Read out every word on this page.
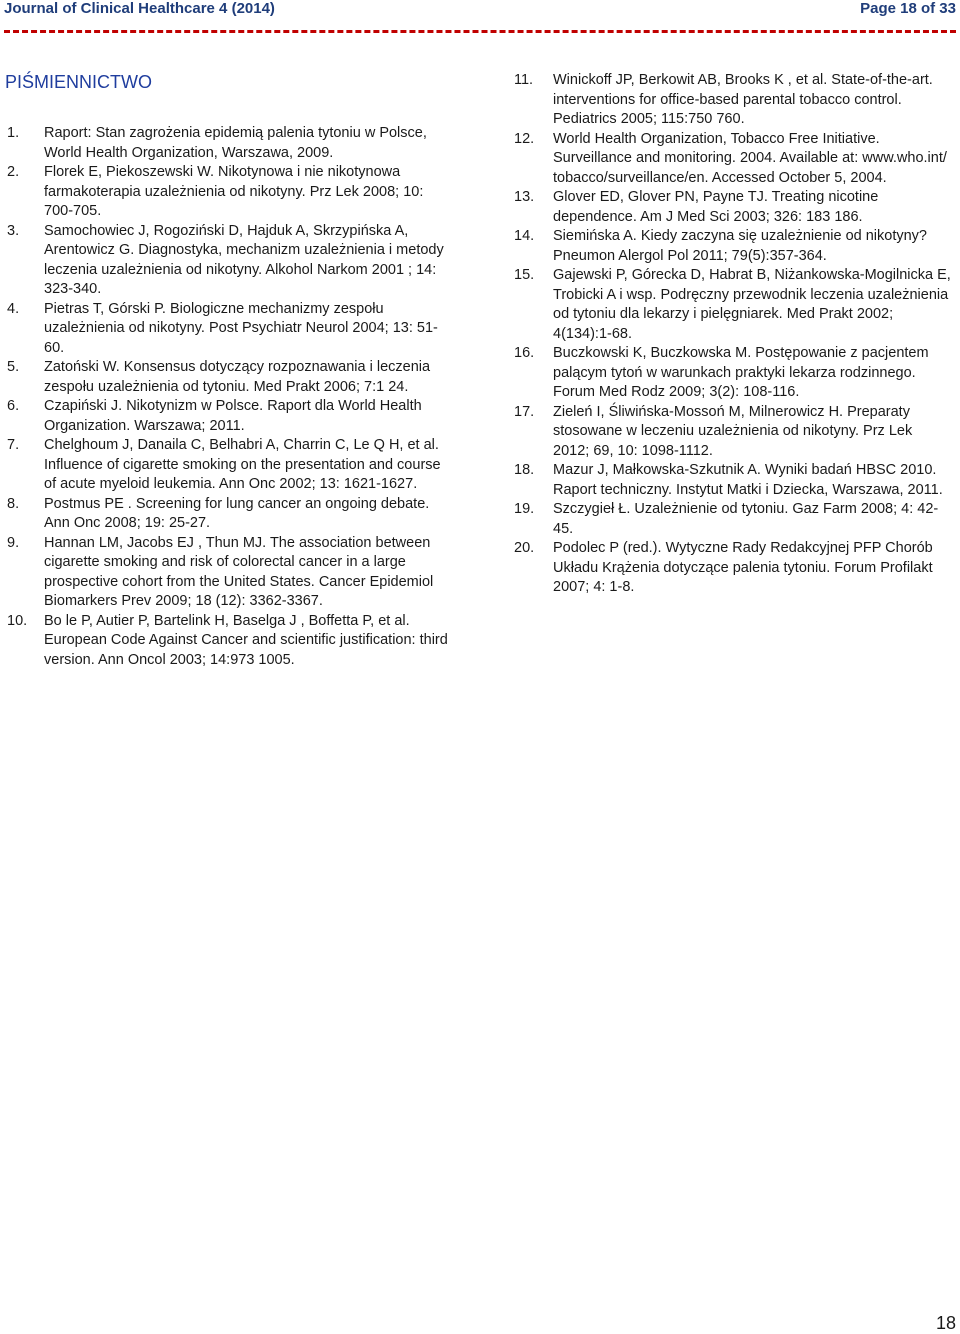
Journal of Clinical Healthcare 4 (2014)	Page 18 of 33
PIŚMIENNICTWO
1.	Raport: Stan zagrożenia epidemią palenia tytoniu w Polsce, World Health Organization, Warszawa, 2009.
2.	Florek E, Piekoszewski W. Nikotynowa i nie nikotynowa farmakoterapia uzależnienia od nikotyny. Prz Lek 2008; 10: 700-705.
3.	Samochowiec J, Rogoziński D, Hajduk A, Skrzypińska A, Arentowicz G. Diagnostyka, mechanizm uzależnienia i metody leczenia uzależnienia od nikotyny. Alkohol Narkom 2001 ; 14: 323-340.
4.	Pietras T, Górski P. Biologiczne mechanizmy zespołu uzależnienia od nikotyny. Post Psychiatr Neurol 2004; 13: 51-60.
5.	Zatoński W. Konsensus dotyczący rozpoznawania i leczenia zespołu uzależnienia od tytoniu. Med Prakt 2006; 7:1 24.
6.	Czapiński J. Nikotynizm w Polsce. Raport dla World Health Organization. Warszawa; 2011.
7.	Chelghoum J, Danaila C, Belhabri A, Charrin C, Le Q H, et al. Influence of cigarette smoking on the presentation and course of acute myeloid leukemia. Ann Onc 2002; 13: 1621-1627.
8.	Postmus PE . Screening for lung cancer an ongoing debate. Ann Onc 2008; 19: 25-27.
9.	Hannan LM, Jacobs EJ , Thun MJ. The association between cigarette smoking and risk of colorectal cancer in a large prospective cohort from the United States. Cancer Epidemiol Biomarkers Prev 2009; 18 (12): 3362-3367.
10.	Bo le P, Autier P, Bartelink H, Baselga J , Boffetta P, et al. European Code Against Cancer and scientific justification: third version. Ann Oncol 2003; 14:973 1005.
11.	Winickoff JP, Berkowit AB, Brooks K , et al. State-of-the-art. interventions for office-based parental tobacco control. Pediatrics 2005; 115:750 760.
12.	World Health Organization, Tobacco Free Initiative. Surveillance and monitoring. 2004. Available at: www.who.int/ tobacco/surveillance/en. Accessed October 5, 2004.
13.	Glover ED, Glover PN, Payne TJ. Treating nicotine dependence. Am J Med Sci 2003; 326: 183 186.
14.	Siemińska A. Kiedy zaczyna się uzależnienie od nikotyny? Pneumon Alergol Pol 2011; 79(5):357-364.
15.	Gajewski P, Górecka D, Habrat B, Niżankowska-Mogilnicka E, Trobicki A i wsp. Podręczny przewodnik leczenia uzależnienia od tytoniu dla lekarzy i pielęgniarek. Med Prakt 2002; 4(134):1-68.
16.	Buczkowski K, Buczkowska M. Postępowanie z pacjentem palącym tytoń w warunkach praktyki lekarza rodzinnego. Forum Med Rodz 2009; 3(2): 108-116.
17.	Zieleń I, Śliwińska-Mossoń M, Milnerowicz H. Preparaty stosowane w leczeniu uzależnienia od nikotyny. Prz Lek 2012; 69, 10: 1098-1112.
18.	Mazur J, Małkowska-Szkutnik A. Wyniki badań HBSC 2010. Raport techniczny. Instytut Matki i Dziecka, Warszawa, 2011.
19.	Szczygieł Ł. Uzależnienie od tytoniu. Gaz Farm 2008; 4: 42-45.
20.	Podolec P (red.). Wytyczne Rady Redakcyjnej PFP Chorób Układu Krążenia dotyczące palenia tytoniu. Forum Profilakt 2007; 4: 1-8.
18
